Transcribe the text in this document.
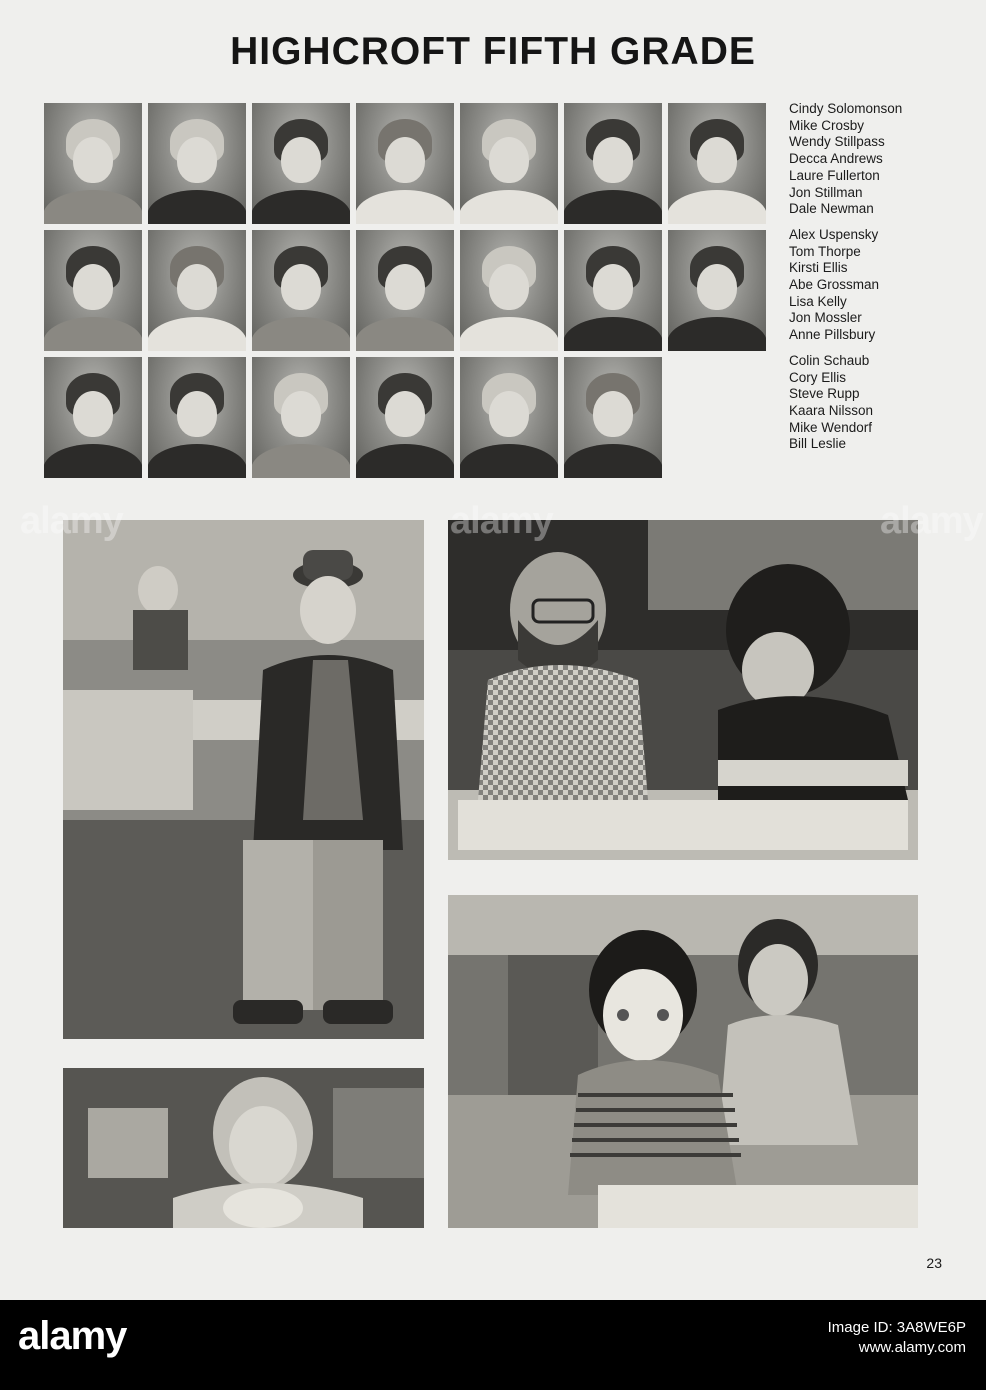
HIGHCROFT FIFTH GRADE
Cindy Solomonson
Mike Crosby
Wendy Stillpass
Decca Andrews
Laure Fullerton
Jon Stillman
Dale Newman
Alex Uspensky
Tom Thorpe
Kirsti Ellis
Abe Grossman
Lisa Kelly
Jon Mossler
Anne Pillsbury
Colin Schaub
Cory Ellis
Steve Rupp
Kaara Nilsson
Mike Wendorf
Bill Leslie
23
alamy	alamy	alamy
alamy	Image ID: 3A8WE6P
www.alamy.com
